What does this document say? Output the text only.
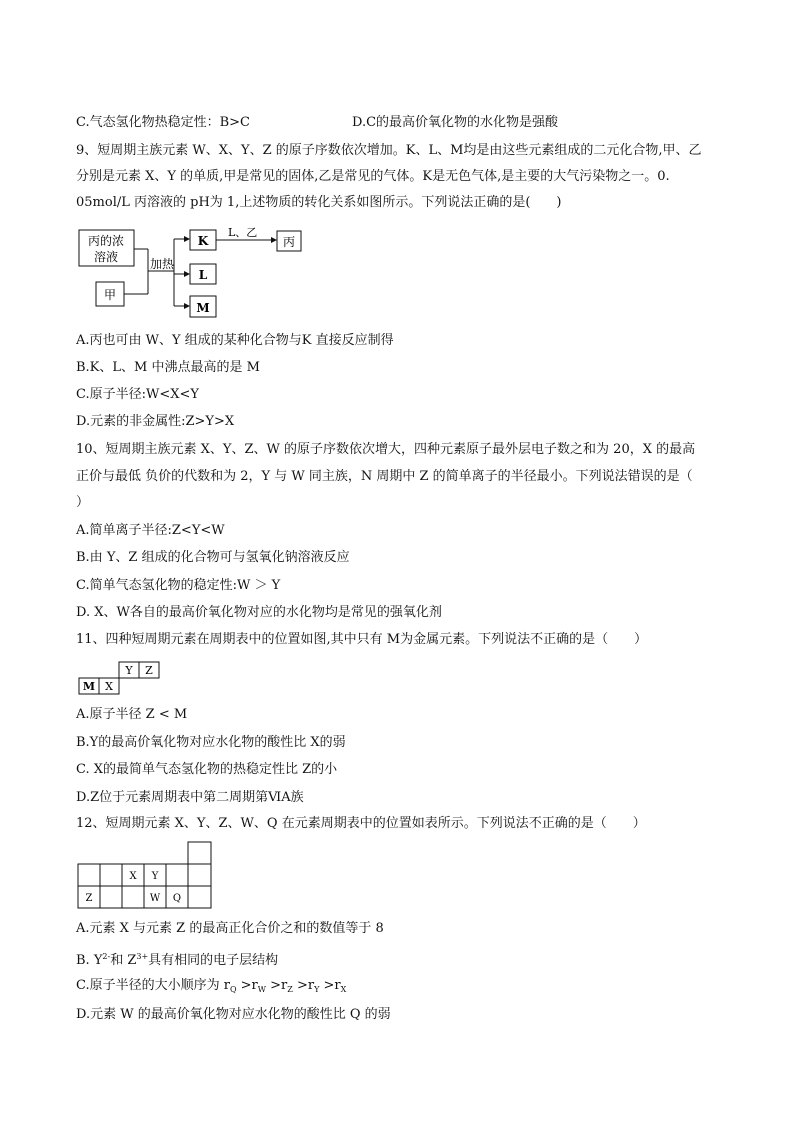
C.气态氢化物热稳定性：B>C	D.C的最高价氧化物的水化物是强酸
9、短周期主族元素 W、X、Y、Z 的原子序数依次增加。K、L、M均是由这些元素组成的二元化合物,甲、乙
分别是元素 X、Y 的单质,甲是常见的固体,乙是常见的气体。K是无色气体,是主要的大气污染物之一。0.
05mol/L 丙溶液的 pH为 1,上述物质的转化关系如图所示。下列说法正确的是(　　)
丙的浓
溶液
甲
加热
K
L
M
L、乙
丙
A.丙也可由 W、Y 组成的某种化合物与K 直接反应制得
B.K、L、M 中沸点最高的是 M
C.原子半径:W<X<Y
D.元素的非金属性:Z>Y>X
10、短周期主族元素 X、Y、Z、W 的原子序数依次增大，四种元素原子最外层电子数之和为 20，X 的最高
正价与最低 负价的代数和为 2，Y 与 W 同主族，N 周期中 Z 的简单离子的半径最小。下列说法错误的是（
）
A.简单离子半径:Z<Y<W
B.由 Y、Z 组成的化合物可与氢氧化钠溶液反应
C.简单气态氢化物的稳定性:W ＞ Y
D. X、W各自的最高价氧化物对应的水化物均是常见的强氧化剂
11、四种短周期元素在周期表中的位置如图,其中只有 M为金属元素。下列说法不正确的是（　　）
Y Z
M X
A.原子半径 Z < M
B.Y的最高价氧化物对应水化物的酸性比 X的弱
C. X的最简单气态氢化物的热稳定性比 Z的小
D.Z位于元素周期表中第二周期第ⅥA族
12、短周期元素 X、Y、Z、W、Q 在元素周期表中的位置如表所示。下列说法不正确的是（　　）
X Y
Z	W Q
A.元素 X 与元素 Z 的最高正化合价之和的数值等于 8
B. $Y^{2-}$和 $Z^{3+}$具有相同的电子层结构
C.原子半径的大小顺序为 $r_Q >r_W >r_Z >r_Y >r_X$
D.元素 W 的最高价氧化物对应水化物的酸性比 Q 的弱
